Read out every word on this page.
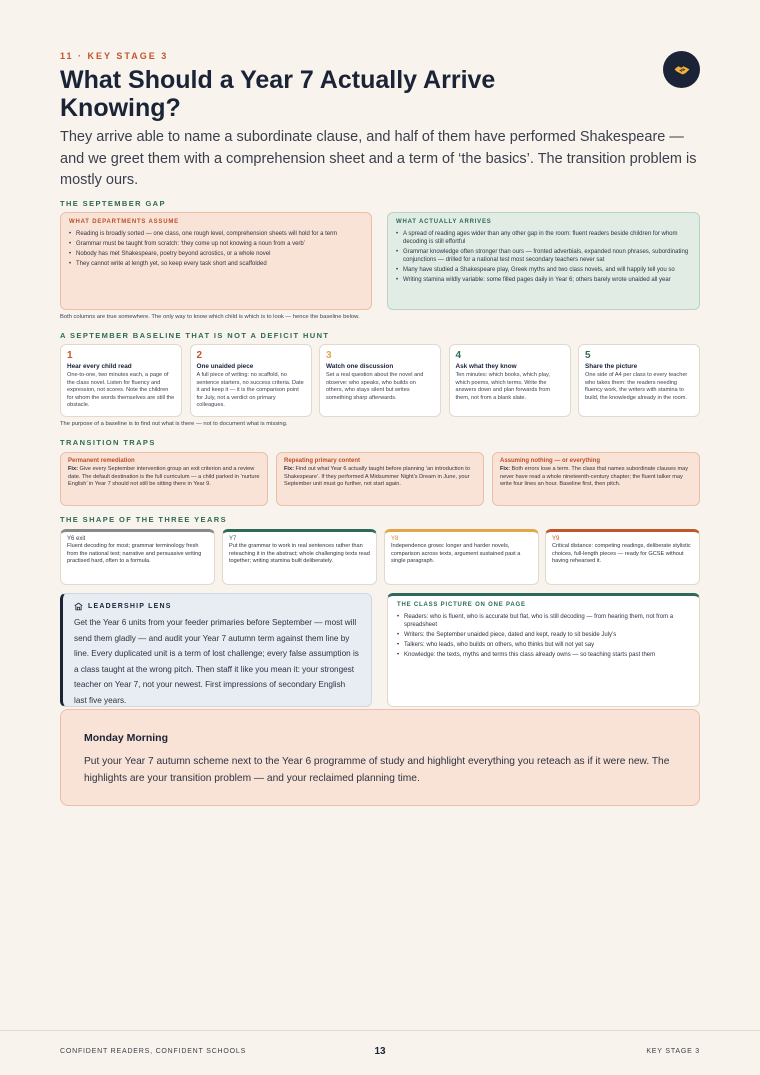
11 · KEY STAGE 3
What Should a Year 7 Actually Arrive Knowing?

They arrive able to name a subordinate clause, and half of them have performed Shakespeare — and we greet them with a comprehension sheet and a term of ‘the basics’. The transition problem is mostly ours.

THE SEPTEMBER GAP
WHAT DEPARTMENTS ASSUME
• Reading is broadly sorted — one class, one rough level, comprehension sheets will hold for a term
• Grammar must be taught from scratch: ‘they come up not knowing a noun from a verb’
• Nobody has met Shakespeare, poetry beyond acrostics, or a whole novel
• They cannot write at length yet, so keep every task short and scaffolded
WHAT ACTUALLY ARRIVES
• A spread of reading ages wider than any other gap in the room: fluent readers beside children for whom decoding is still effortful
• Grammar knowledge often stronger than ours — fronted adverbials, expanded noun phrases, subordinating conjunctions — drilled for a national test most secondary teachers never sat
• Many have studied a Shakespeare play, Greek myths and two class novels, and will happily tell you so
• Writing stamina wildly variable: some filled pages daily in Year 6; others barely wrote unaided all year
Both columns are true somewhere. The only way to know which child is which is to look — hence the baseline below.
A SEPTEMBER BASELINE THAT IS NOT A DEFICIT HUNT
1
Hear every child read
One-to-one, two minutes each, a page of the class novel. Listen for fluency and expression, not scores. Note the children for whom the words themselves are still the obstacle.
2
One unaided piece
A full piece of writing: no scaffold, no sentence starters, no success criteria. Date it and keep it — it is the comparison point for July, not a verdict on primary colleagues.
3
Watch one discussion
Set a real question about the novel and observe: who speaks, who builds on others, who stays silent but writes something sharp afterwards.
4
Ask what they know
Ten minutes: which books, which play, which poems, which terms. Write the answers down and plan forwards from them, not from a blank slate.
5
Share the picture
One side of A4 per class to every teacher who takes them: the readers needing fluency work, the writers with stamina to build, the knowledge already in the room.
The purpose of a baseline is to find out what is there — not to document what is missing.
TRANSITION TRAPS
Permanent remediation
Fix: Give every September intervention group an exit criterion and a review date. The default destination is the full curriculum — a child parked in ‘nurture English’ in Year 7 should not still be sitting there in Year 9.
Repeating primary content
Fix: Find out what Year 6 actually taught before planning ‘an introduction to Shakespeare’. If they performed A Midsummer Night’s Dream in June, your September unit must go further, not start again.
Assuming nothing — or everything
Fix: Both errors lose a term. The class that names subordinate clauses may never have read a whole nineteenth-century chapter; the fluent talker may write four lines an hour. Baseline first, then pitch.
THE SHAPE OF THE THREE YEARS
Y6 exit
Fluent decoding for most; grammar terminology fresh from the national test; narrative and persuasive writing practised hard, often to a formula.
Y7
Put the grammar to work in real sentences rather than reteaching it in the abstract; whole challenging texts read together; writing stamina built deliberately.
Y8
Independence grows: longer and harder novels, comparison across texts, argument sustained past a single paragraph.
Y9
Critical distance: competing readings, deliberate stylistic choices, full-length pieces — ready for GCSE without having rehearsed it.
LEADERSHIP LENS
Get the Year 6 units from your feeder primaries before September — most will send them gladly — and audit your Year 7 autumn term against them line by line. Every duplicated unit is a term of lost challenge; every false assumption is a class taught at the wrong pitch. Then staff it like you mean it: your strongest teacher on Year 7, not your newest. First impressions of secondary English last five years.
THE CLASS PICTURE ON ONE PAGE
• Readers: who is fluent, who is accurate but flat, who is still decoding — from hearing them, not from a spreadsheet
• Writers: the September unaided piece, dated and kept, ready to sit beside July’s
• Talkers: who leads, who builds on others, who thinks but will not yet say
• Knowledge: the texts, myths and terms this class already owns — so teaching starts past them
Monday Morning
Put your Year 7 autumn scheme next to the Year 6 programme of study and highlight everything you reteach as if it were new. The highlights are your transition problem — and your reclaimed planning time.
CONFIDENT READERS, CONFIDENT SCHOOLS	13	KEY STAGE 3
